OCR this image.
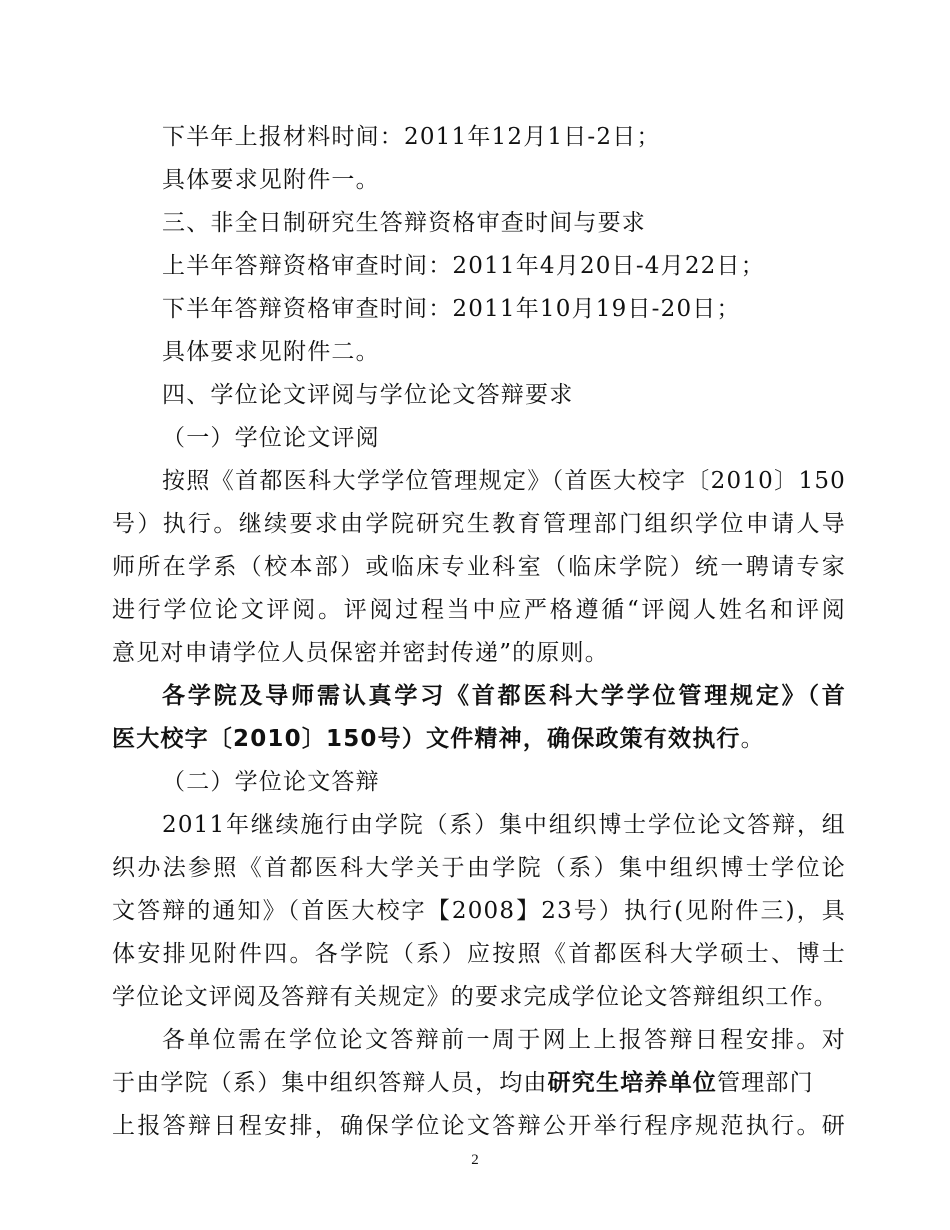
下半年上报材料时间：2011年12月1日-2日；
具体要求见附件一。
三、非全日制研究生答辩资格审查时间与要求
上半年答辩资格审查时间：2011年4月20日-4月22日；
下半年答辩资格审查时间：2011年10月19日-20日；
具体要求见附件二。
四、学位论文评阅与学位论文答辩要求
（一）学位论文评阅
按照《首都医科大学学位管理规定》（首医大校字〔2010〕150
号）执行。继续要求由学院研究生教育管理部门组织学位申请人导
师所在学系（校本部）或临床专业科室（临床学院）统一聘请专家
进行学位论文评阅。评阅过程当中应严格遵循“评阅人姓名和评阅
意见对申请学位人员保密并密封传递”的原则。
各学院及导师需认真学习《首都医科大学学位管理规定》（首
医大校字〔2010〕150号）文件精神，确保政策有效执行。
（二）学位论文答辩
2011年继续施行由学院（系）集中组织博士学位论文答辩，组
织办法参照《首都医科大学关于由学院（系）集中组织博士学位论
文答辩的通知》（首医大校字【2008】23号）执行(见附件三)，具
体安排见附件四。各学院（系）应按照《首都医科大学硕士、博士
学位论文评阅及答辩有关规定》的要求完成学位论文答辩组织工作。
各单位需在学位论文答辩前一周于网上上报答辩日程安排。对
于由学院（系）集中组织答辩人员，均由研究生培养单位管理部门
上报答辩日程安排，确保学位论文答辩公开举行程序规范执行。研
2
